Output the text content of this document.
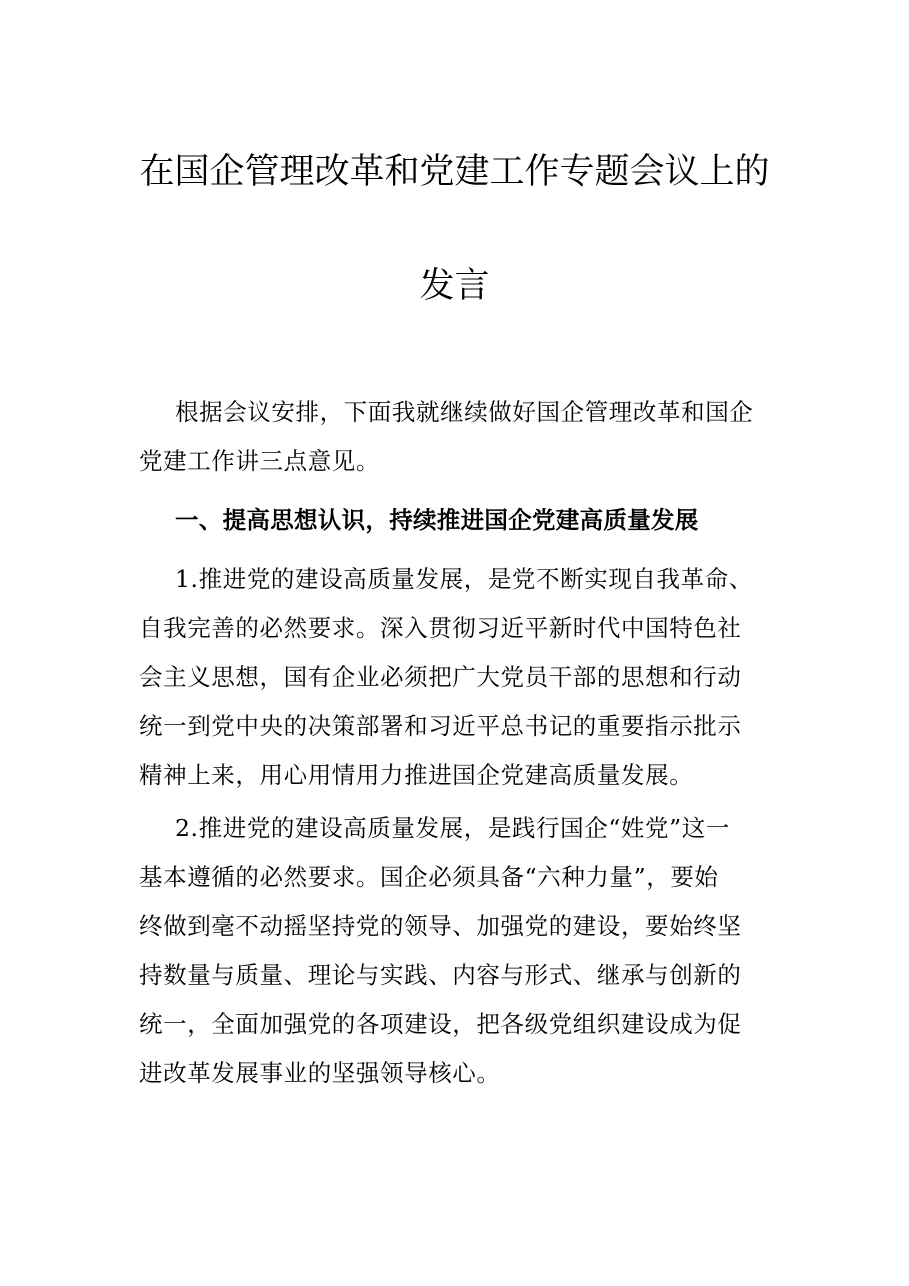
在国企管理改革和党建工作专题会议上的
发言
根据会议安排，下面我就继续做好国企管理改革和国企
党建工作讲三点意见。
一、提高思想认识，持续推进国企党建高质量发展
1.推进党的建设高质量发展，是党不断实现自我革命、
自我完善的必然要求。深入贯彻习近平新时代中国特色社
会主义思想，国有企业必须把广大党员干部的思想和行动
统一到党中央的决策部署和习近平总书记的重要指示批示
精神上来，用心用情用力推进国企党建高质量发展。
2.推进党的建设高质量发展，是践行国企“姓党”这一
基本遵循的必然要求。国企必须具备“六种力量”，要始
终做到毫不动摇坚持党的领导、加强党的建设，要始终坚
持数量与质量、理论与实践、内容与形式、继承与创新的
统一，全面加强党的各项建设，把各级党组织建设成为促
进改革发展事业的坚强领导核心。
